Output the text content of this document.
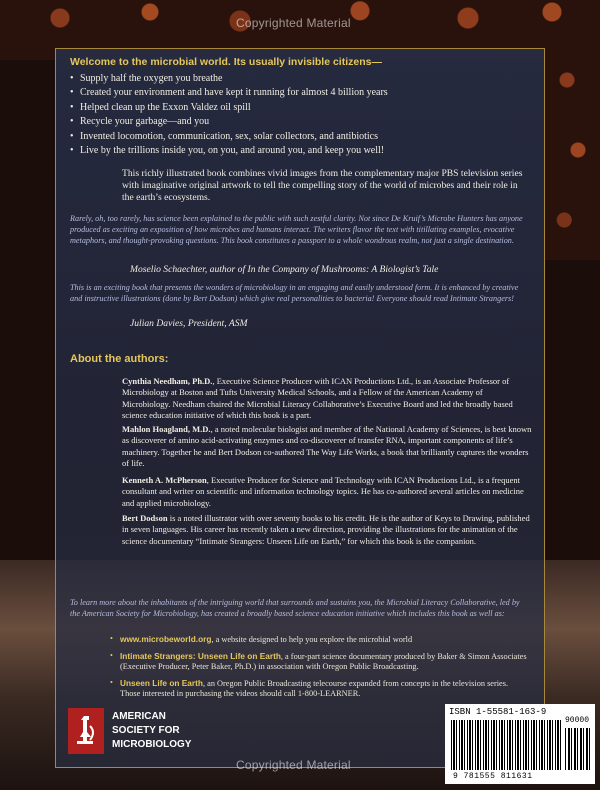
Copyrighted Material
Welcome to the microbial world. Its usually invisible citizens—
• Supply half the oxygen you breathe
• Created your environment and have kept it running for almost 4 billion years
• Helped clean up the Exxon Valdez oil spill
• Recycle your garbage—and you
• Invented locomotion, communication, sex, solar collectors, and antibiotics
• Live by the trillions inside you, on you, and around you, and keep you well!
This richly illustrated book combines vivid images from the complementary major PBS television series with imaginative original artwork to tell the compelling story of the world of microbes and their role in the earth’s ecosystems.
Rarely, oh, too rarely, has science been explained to the public with such zestful clarity. Not since De Kruif’s Microbe Hunters has anyone produced as exciting an exposition of how microbes and humans interact. The writers flavor the text with titillating examples, evocative metaphors, and thought-provoking questions. This book constitutes a passport to a whole wondrous realm, not just a single destination.
Moselio Schaechter, author of In the Company of Mushrooms: A Biologist’s Tale
This is an exciting book that presents the wonders of microbiology in an engaging and easily understood form. It is enhanced by creative and instructive illustrations (done by Bert Dodson) which give real personalities to bacteria! Everyone should read Intimate Strangers!
Julian Davies, President, ASM
About the authors:
Cynthia Needham, Ph.D., Executive Science Producer with ICAN Productions Ltd., is an Associate Professor of Microbiology at Boston and Tufts University Medical Schools, and a Fellow of the American Academy of Microbiology. Needham chaired the Microbial Literacy Collaborative’s Executive Board and led the broadly based science education initiative of which this book is a part.
Mahlon Hoagland, M.D., a noted molecular biologist and member of the National Academy of Sciences, is best known as discoverer of amino acid-activating enzymes and co-discoverer of transfer RNA, important components of life’s machinery. Together he and Bert Dodson co-authored The Way Life Works, a book that brilliantly captures the wonders of life.
Kenneth A. McPherson, Executive Producer for Science and Technology with ICAN Productions Ltd., is a frequent consultant and writer on scientific and information technology topics. He has co-authored several articles on medicine and applied microbiology.
Bert Dodson is a noted illustrator with over seventy books to his credit. He is the author of Keys to Drawing, published in seven languages. His career has recently taken a new direction, providing the illustrations for the animation of the science documentary “Intimate Strangers: Unseen Life on Earth,” for which this book is the companion.
To learn more about the inhabitants of the intriguing world that surrounds and sustains you, the Microbial Literacy Collaborative, led by the American Society for Microbiology, has created a broadly based science education initiative which includes this book as well as:
• www.microbeworld.org, a website designed to help you explore the microbial world
• Intimate Strangers: Unseen Life on Earth, a four-part science documentary produced by Baker & Simon Associates (Executive Producer, Peter Baker, Ph.D.) in association with Oregon Public Broadcasting.
• Unseen Life on Earth, an Oregon Public Broadcasting telecourse expanded from concepts in the television series. Those interested in purchasing the videos should call 1-800-LEARNER.
AMERICAN
SOCIETY FOR
MICROBIOLOGY
ISBN 1-55581-163-9
90000
9 781555 811631
Copyrighted Material
